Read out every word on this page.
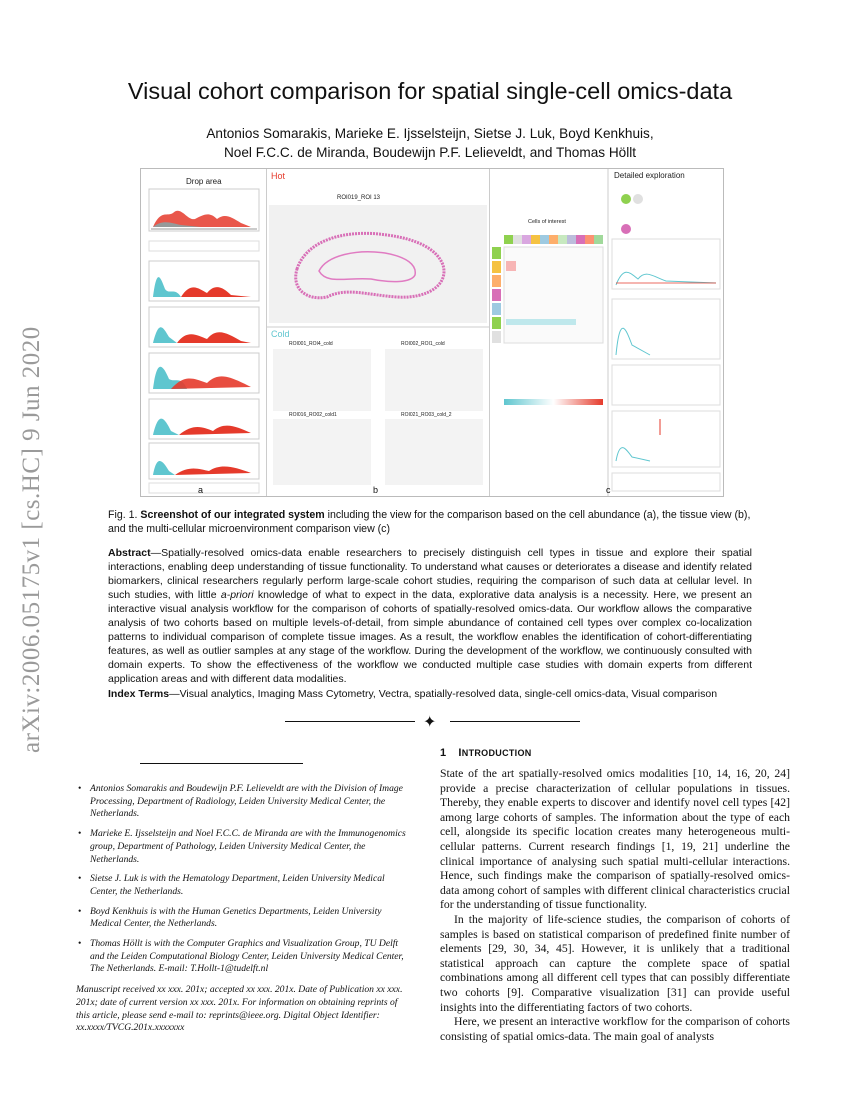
arXiv:2006.05175v1 [cs.HC] 9 Jun 2020
Visual cohort comparison for spatial single-cell omics-data
Antonios Somarakis, Marieke E. Ijsselsteijn, Sietse J. Luk, Boyd Kenkhuis,
Noel F.C.C. de Miranda, Boudewijn P.F. Lelieveldt, and Thomas Höllt
Drop area
Hot
ROI019_ROI 13
Cold
ROI001_ROI4_cold	ROI002_ROI1_cold
ROI016_RO02_cold1	ROI021_RO03_cold_2
Cells of interest
Detailed exploration
a	b	c
Fig. 1. Screenshot of our integrated system including the view for the comparison based on the cell abundance (a), the tissue view (b), and the multi-cellular microenvironment comparison view (c)
Abstract—Spatially-resolved omics-data enable researchers to precisely distinguish cell types in tissue and explore their spatial interactions, enabling deep understanding of tissue functionality. To understand what causes or deteriorates a disease and identify related biomarkers, clinical researchers regularly perform large-scale cohort studies, requiring the comparison of such data at cellular level. In such studies, with little a-priori knowledge of what to expect in the data, explorative data analysis is a necessity. Here, we present an interactive visual analysis workflow for the comparison of cohorts of spatially-resolved omics-data. Our workflow allows the comparative analysis of two cohorts based on multiple levels-of-detail, from simple abundance of contained cell types over complex co-localization patterns to individual comparison of complete tissue images. As a result, the workflow enables the identification of cohort-differentiating features, as well as outlier samples at any stage of the workflow. During the development of the workflow, we continuously consulted with domain experts. To show the effectiveness of the workflow we conducted multiple case studies with domain experts from different application areas and with different data modalities.
Index Terms—Visual analytics, Imaging Mass Cytometry, Vectra, spatially-resolved data, single-cell omics-data, Visual comparison
✦
• Antonios Somarakis and Boudewijn P.F. Lelieveldt are with the Division of Image Processing, Department of Radiology, Leiden University Medical Center, the Netherlands.
• Marieke E. Ijsselsteijn and Noel F.C.C. de Miranda are with the Immunogenomics group, Department of Pathology, Leiden University Medical Center, the Netherlands.
• Sietse J. Luk is with the Hematology Department, Leiden University Medical Center, the Netherlands.
• Boyd Kenkhuis is with the Human Genetics Departments, Leiden University Medical Center, the Netherlands.
• Thomas Höllt is with the Computer Graphics and Visualization Group, TU Delft and the Leiden Computational Biology Center, Leiden University Medical Center, The Netherlands. E-mail: T.Hollt-1@tudelft.nl
Manuscript received xx xxx. 201x; accepted xx xxx. 201x. Date of Publication xx xxx. 201x; date of current version xx xxx. 201x. For information on obtaining reprints of this article, please send e-mail to: reprints@ieee.org. Digital Object Identifier: xx.xxxx/TVCG.201x.xxxxxxx
1 INTRODUCTION

State of the art spatially-resolved omics modalities [10, 14, 16, 20, 24] provide a precise characterization of cellular populations in tissues. Thereby, they enable experts to discover and identify novel cell types [42] among large cohorts of samples. The information about the type of each cell, alongside its specific location creates many heterogeneous multi-cellular patterns. Current research findings [1, 19, 21] underline the clinical importance of analysing such spatial multi-cellular interactions. Hence, such findings make the comparison of spatially-resolved omics-data among cohort of samples with different clinical characteristics crucial for the understanding of tissue functionality.

In the majority of life-science studies, the comparison of cohorts of samples is based on statistical comparison of predefined finite number of elements [29, 30, 34, 45]. However, it is unlikely that a traditional statistical approach can capture the complete space of spatial combinations among all different cell types that can possibly differentiate two cohorts [9]. Comparative visualization [31] can provide useful insights into the differentiating factors of two cohorts.

Here, we present an interactive workflow for the comparison of cohorts consisting of spatial omics-data. The main goal of analysts
